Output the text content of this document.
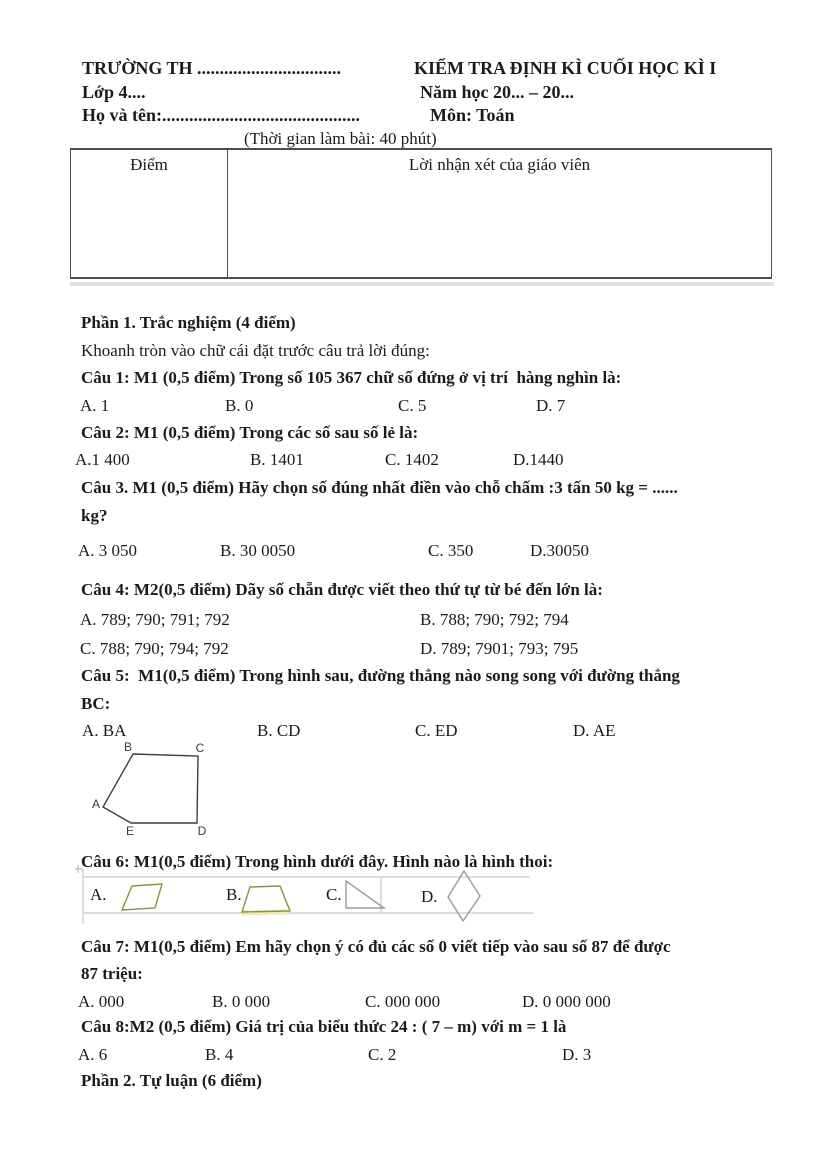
TRƯỜNG TH ................................	KIỂM TRA ĐỊNH KÌ CUỐI HỌC KÌ I
Lớp 4....	Năm học 20... – 20...
Họ và tên:............................................	Môn: Toán
(Thời gian làm bài: 40 phút)
Điểm	Lời nhận xét của giáo viên
Phần 1. Trắc nghiệm (4 điểm)
Khoanh tròn vào chữ cái đặt trước câu trả lời đúng:
Câu 1: M1 (0,5 điểm) Trong số 105 367 chữ số đứng ở vị trí  hàng nghìn là:
A. 1	B. 0	C. 5	D. 7
Câu 2: M1 (0,5 điểm) Trong các số sau số lẻ là:
A.1 400	B. 1401	C. 1402	D.1440
Câu 3. M1 (0,5 điểm) Hãy chọn số đúng nhất điền vào chỗ chấm :3 tấn 50 kg = ......
kg?
A. 3 050	B. 30 0050	C. 350	D.30050
Câu 4: M2(0,5 điểm) Dãy số chẵn được viết theo thứ tự từ bé đến lớn là:
A. 789; 790; 791; 792	B. 788; 790; 792; 794
C. 788; 790; 794; 792	D. 789; 7901; 793; 795
Câu 5:  M1(0,5 điểm) Trong hình sau, đường thẳng nào song song với đường thẳng
BC:
A. BA	B. CD	C. ED	D. AE
B	C
A
E	D
Câu 6: M1(0,5 điểm) Trong hình dưới đây. Hình nào là hình thoi:
A.	B.	C.	D.
Câu 7: M1(0,5 điểm) Em hãy chọn ý có đủ các số 0 viết tiếp vào sau số 87 để được
87 triệu:
A. 000	B. 0 000	C. 000 000	D. 0 000 000
Câu 8:M2 (0,5 điểm) Giá trị của biểu thức 24 : ( 7 – m) với m = 1 là
A. 6	B. 4	C. 2	D. 3
Phần 2. Tự luận (6 điểm)
